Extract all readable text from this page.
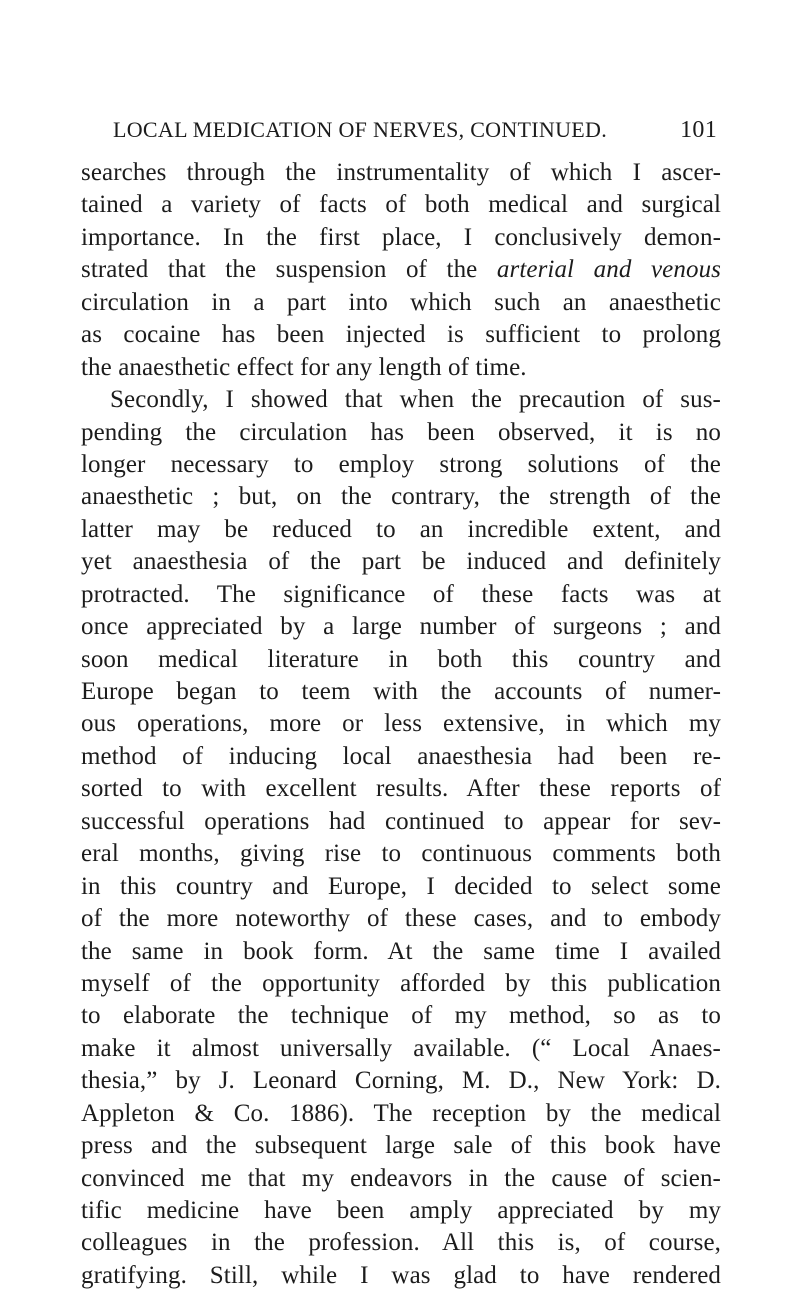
LOCAL MEDICATION OF NERVES, CONTINUED.	101
searches through the instrumentality of which I ascer-
tained a variety of facts of both medical and surgical
importance. In the first place, I conclusively demon-
strated that the suspension of the arterial and venous
circulation in a part into which such an anaesthetic
as cocaine has been injected is sufficient to prolong
the anaesthetic effect for any length of time.
Secondly, I showed that when the precaution of sus-
pending the circulation has been observed, it is no
longer necessary to employ strong solutions of the
anaesthetic ; but, on the contrary, the strength of the
latter may be reduced to an incredible extent, and
yet anaesthesia of the part be induced and definitely
protracted. The significance of these facts was at
once appreciated by a large number of surgeons ; and
soon medical literature in both this country and
Europe began to teem with the accounts of numer-
ous operations, more or less extensive, in which my
method of inducing local anaesthesia had been re-
sorted to with excellent results. After these reports of
successful operations had continued to appear for sev-
eral months, giving rise to continuous comments both
in this country and Europe, I decided to select some
of the more noteworthy of these cases, and to embody
the same in book form. At the same time I availed
myself of the opportunity afforded by this publication
to elaborate the technique of my method, so as to
make it almost universally available. (“ Local Anaes-
thesia,” by J. Leonard Corning, M. D., New York: D.
Appleton & Co. 1886). The reception by the medical
press and the subsequent large sale of this book have
convinced me that my endeavors in the cause of scien-
tific medicine have been amply appreciated by my
colleagues in the profession. All this is, of course,
gratifying. Still, while I was glad to have rendered
